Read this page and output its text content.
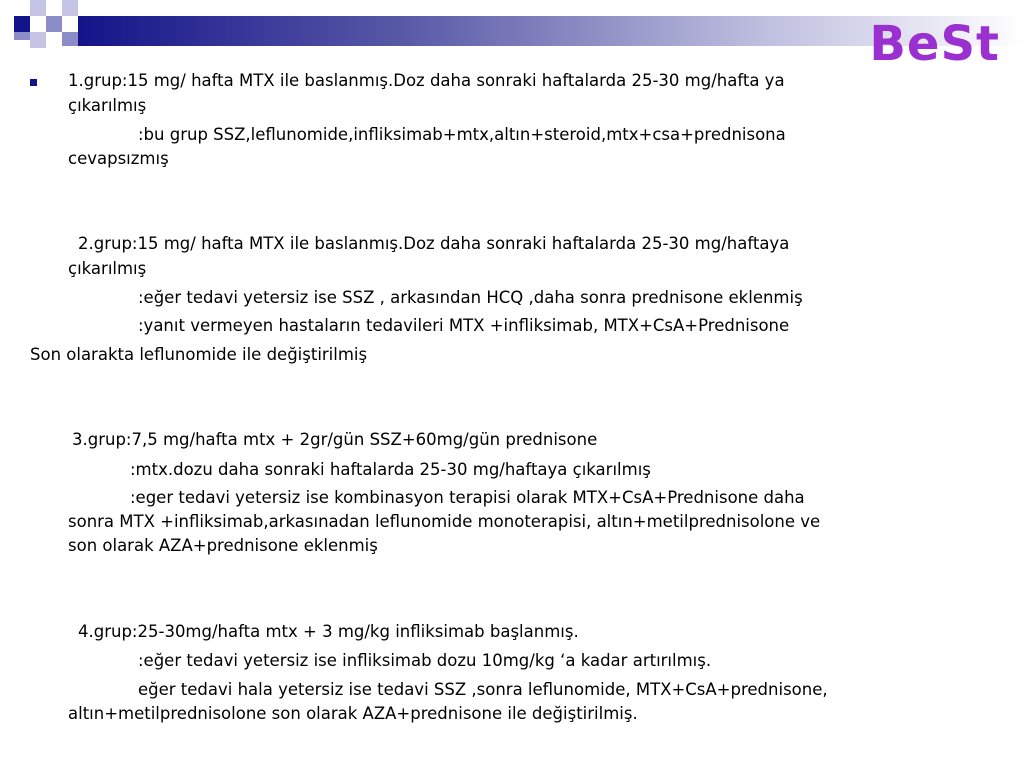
BeSt
1.grup:15 mg/ hafta MTX ile baslanmış.Doz daha sonraki haftalarda 25-30 mg/hafta ya
çıkarılmış
:bu grup SSZ,leflunomide,infliksimab+mtx,altın+steroid,mtx+csa+prednisona
cevapsızmış
2.grup:15 mg/ hafta MTX ile baslanmış.Doz daha sonraki haftalarda 25-30 mg/haftaya
çıkarılmış
:eğer tedavi yetersiz ise SSZ , arkasından HCQ ,daha sonra prednisone eklenmiş
:yanıt vermeyen hastaların tedavileri MTX +infliksimab, MTX+CsA+Prednisone
Son olarakta leflunomide ile değiştirilmiş
3.grup:7,5 mg/hafta mtx + 2gr/gün SSZ+60mg/gün prednisone
:mtx.dozu daha sonraki haftalarda 25-30 mg/haftaya çıkarılmış
:eger tedavi yetersiz ise kombinasyon terapisi olarak MTX+CsA+Prednisone daha
sonra MTX +infliksimab,arkasınadan leflunomide monoterapisi, altın+metilprednisolone ve
son olarak AZA+prednisone eklenmiş
4.grup:25-30mg/hafta mtx + 3 mg/kg infliksimab başlanmış.
:eğer tedavi yetersiz ise infliksimab dozu 10mg/kg ‘a kadar artırılmış.
eğer tedavi hala yetersiz ise tedavi SSZ ,sonra leflunomide, MTX+CsA+prednisone,
altın+metilprednisolone son olarak AZA+prednisone ile değiştirilmiş.
